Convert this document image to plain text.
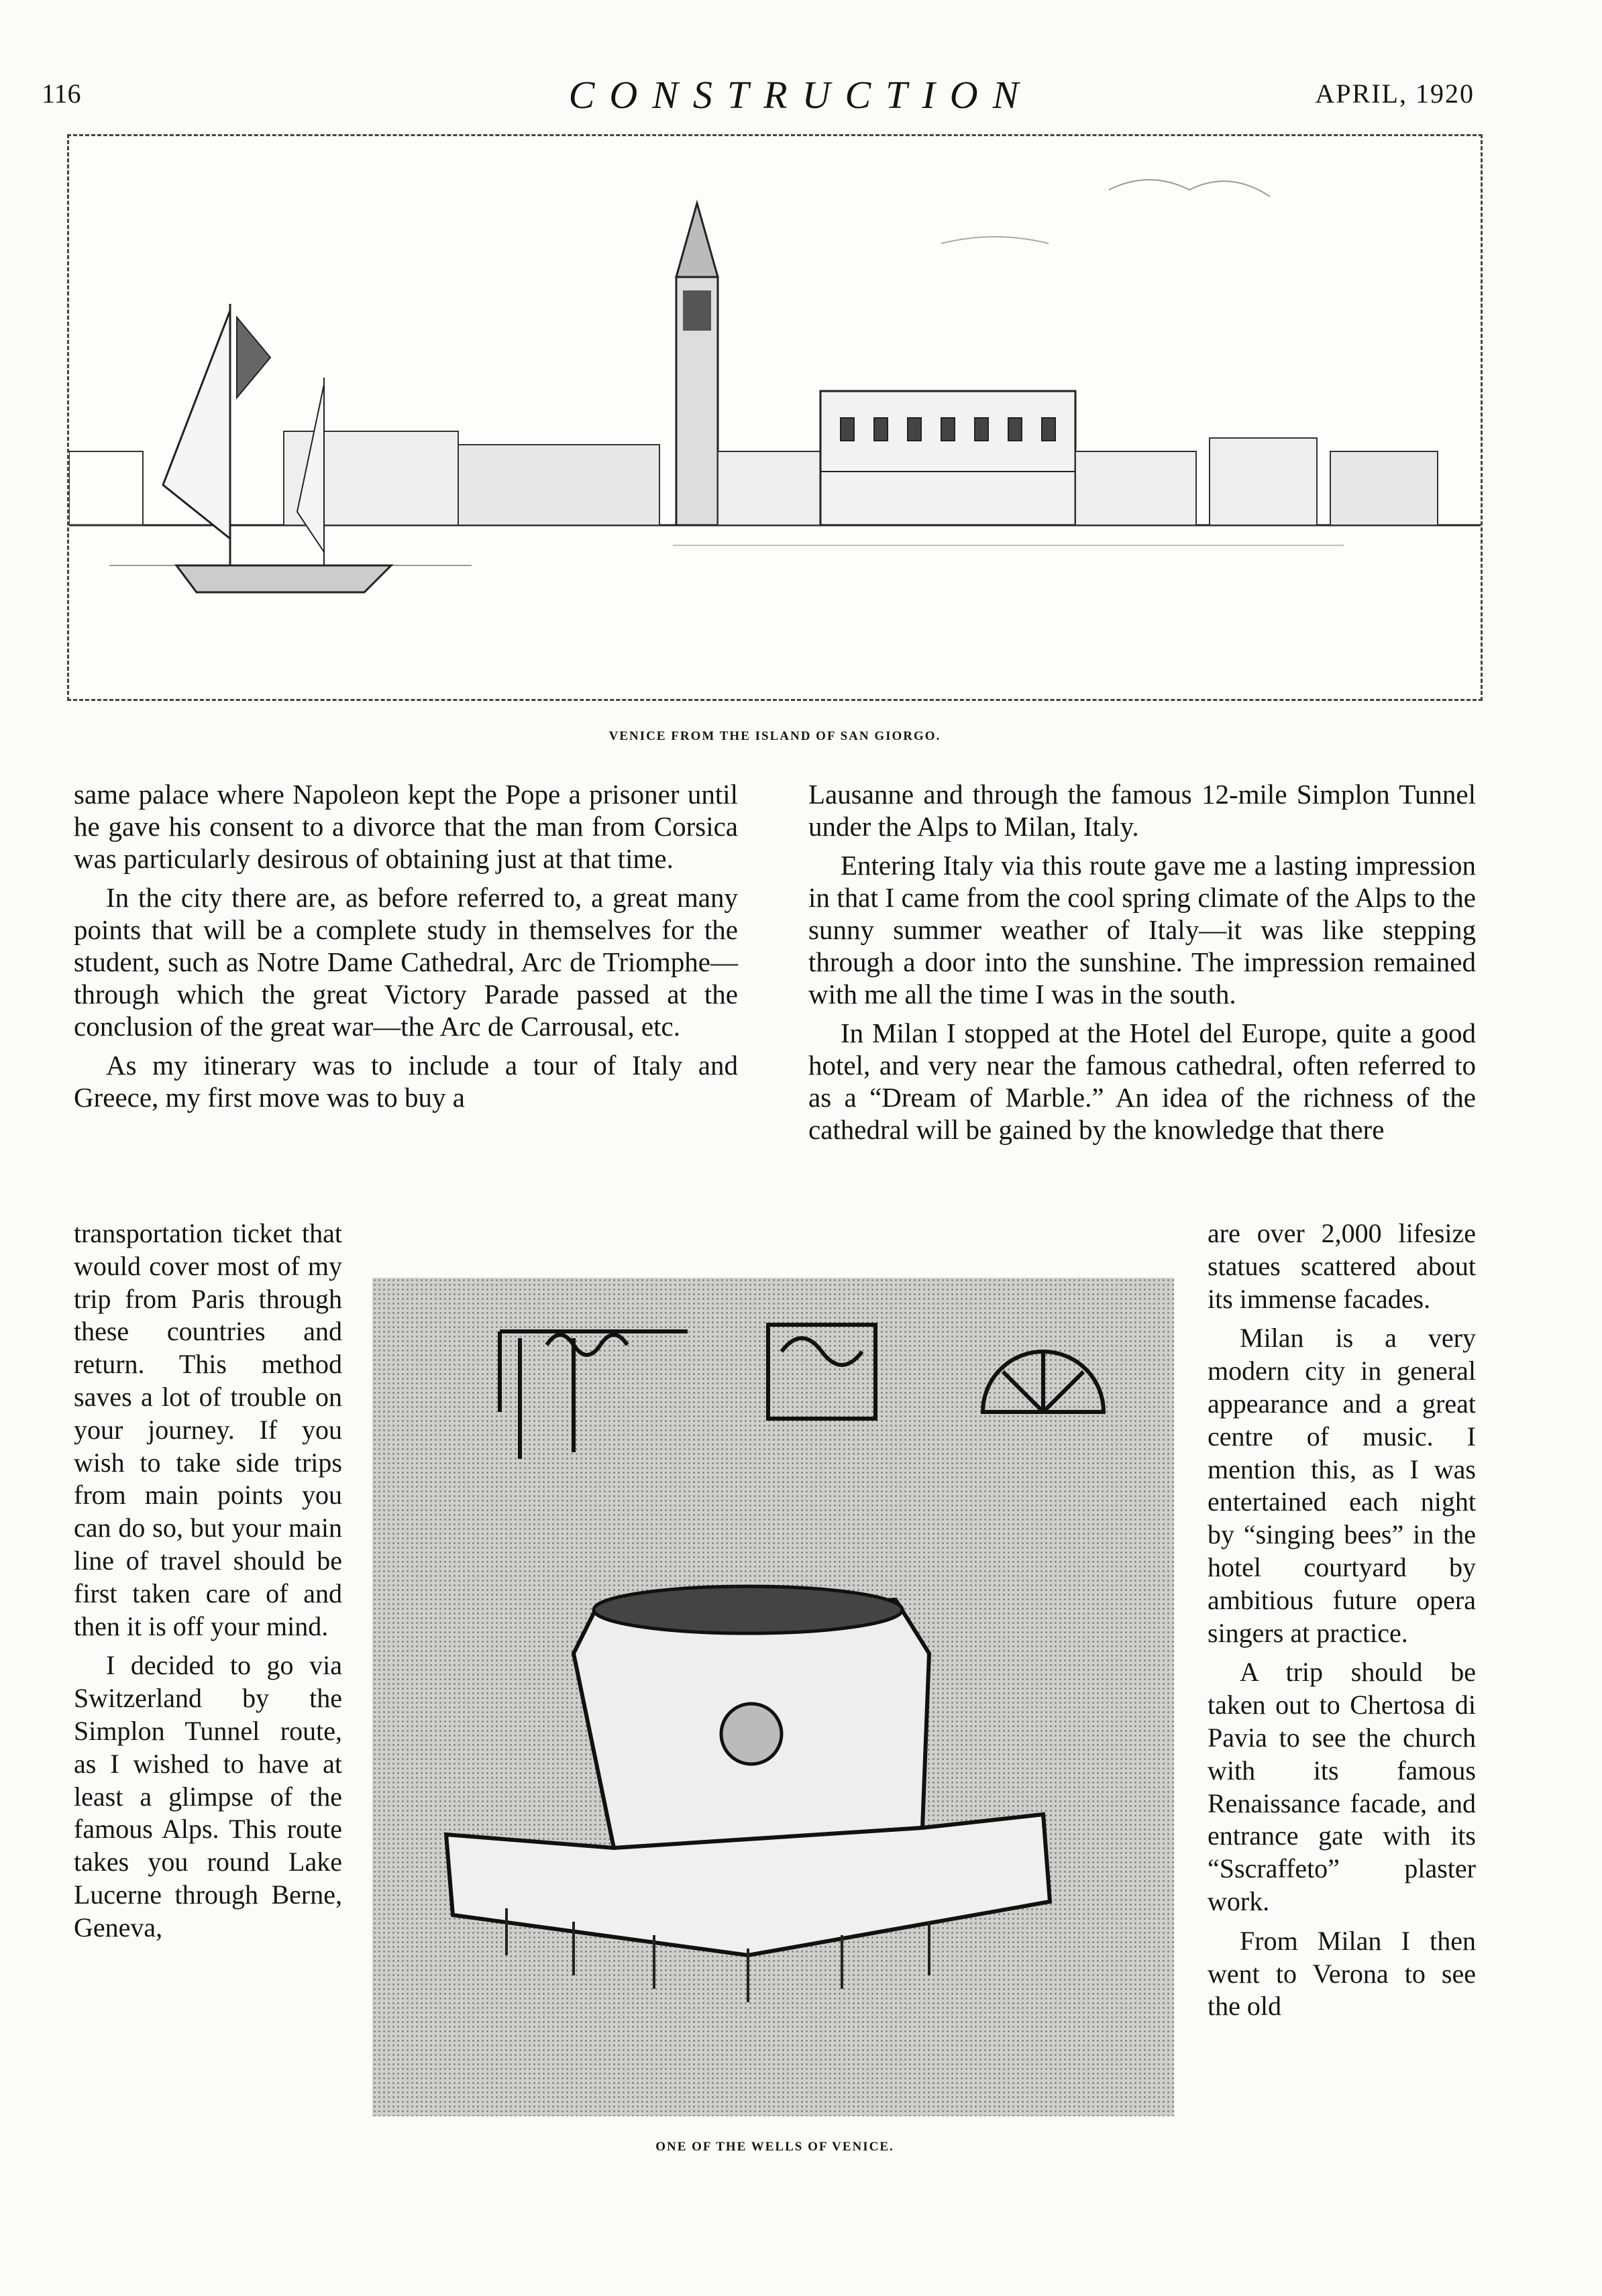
116	CONSTRUCTION	APRIL, 1920
VENICE FROM THE ISLAND OF SAN GIORGO.

same palace where Napoleon kept the Pope a prisoner until he gave his consent to a divorce that the man from Corsica was particularly desirous of obtaining just at that time.

In the city there are, as before referred to, a great many points that will be a complete study in themselves for the student, such as Notre Dame Cathedral, Arc de Triomphe—through which the great Victory Parade passed at the conclusion of the great war—the Arc de Carrousal, etc.

As my itinerary was to include a tour of Italy and Greece, my first move was to buy a

transportation ticket that would cover most of my trip from Paris through these countries and return. This method saves a lot of trouble on your journey. If you wish to take side trips from main points you can do so, but your main line of travel should be first taken care of and then it is off your mind.

I decided to go via Switzerland by the Simplon Tunnel route, as I wished to have at least a glimpse of the famous Alps. This route takes you round Lake Lucerne through Berne, Geneva,

Lausanne and through the famous 12-mile Simplon Tunnel under the Alps to Milan, Italy.

Entering Italy via this route gave me a lasting impression in that I came from the cool spring climate of the Alps to the sunny summer weather of Italy—it was like stepping through a door into the sunshine. The impression remained with me all the time I was in the south.

In Milan I stopped at the Hotel del Europe, quite a good hotel, and very near the famous cathedral, often referred to as a “Dream of Marble.” An idea of the richness of the cathedral will be gained by the knowledge that there

are over 2,000 lifesize statues scattered about its immense facades.

Milan is a very modern city in general appearance and a great centre of music. I mention this, as I was entertained each night by “singing bees” in the hotel courtyard by ambitious future opera singers at practice.

A trip should be taken out to Chertosa di Pavia to see the church with its famous Renaissance facade, and entrance gate with its “Sscraffeto” plaster work.

From Milan I then went to Verona to see the old

ONE OF THE WELLS OF VENICE.
